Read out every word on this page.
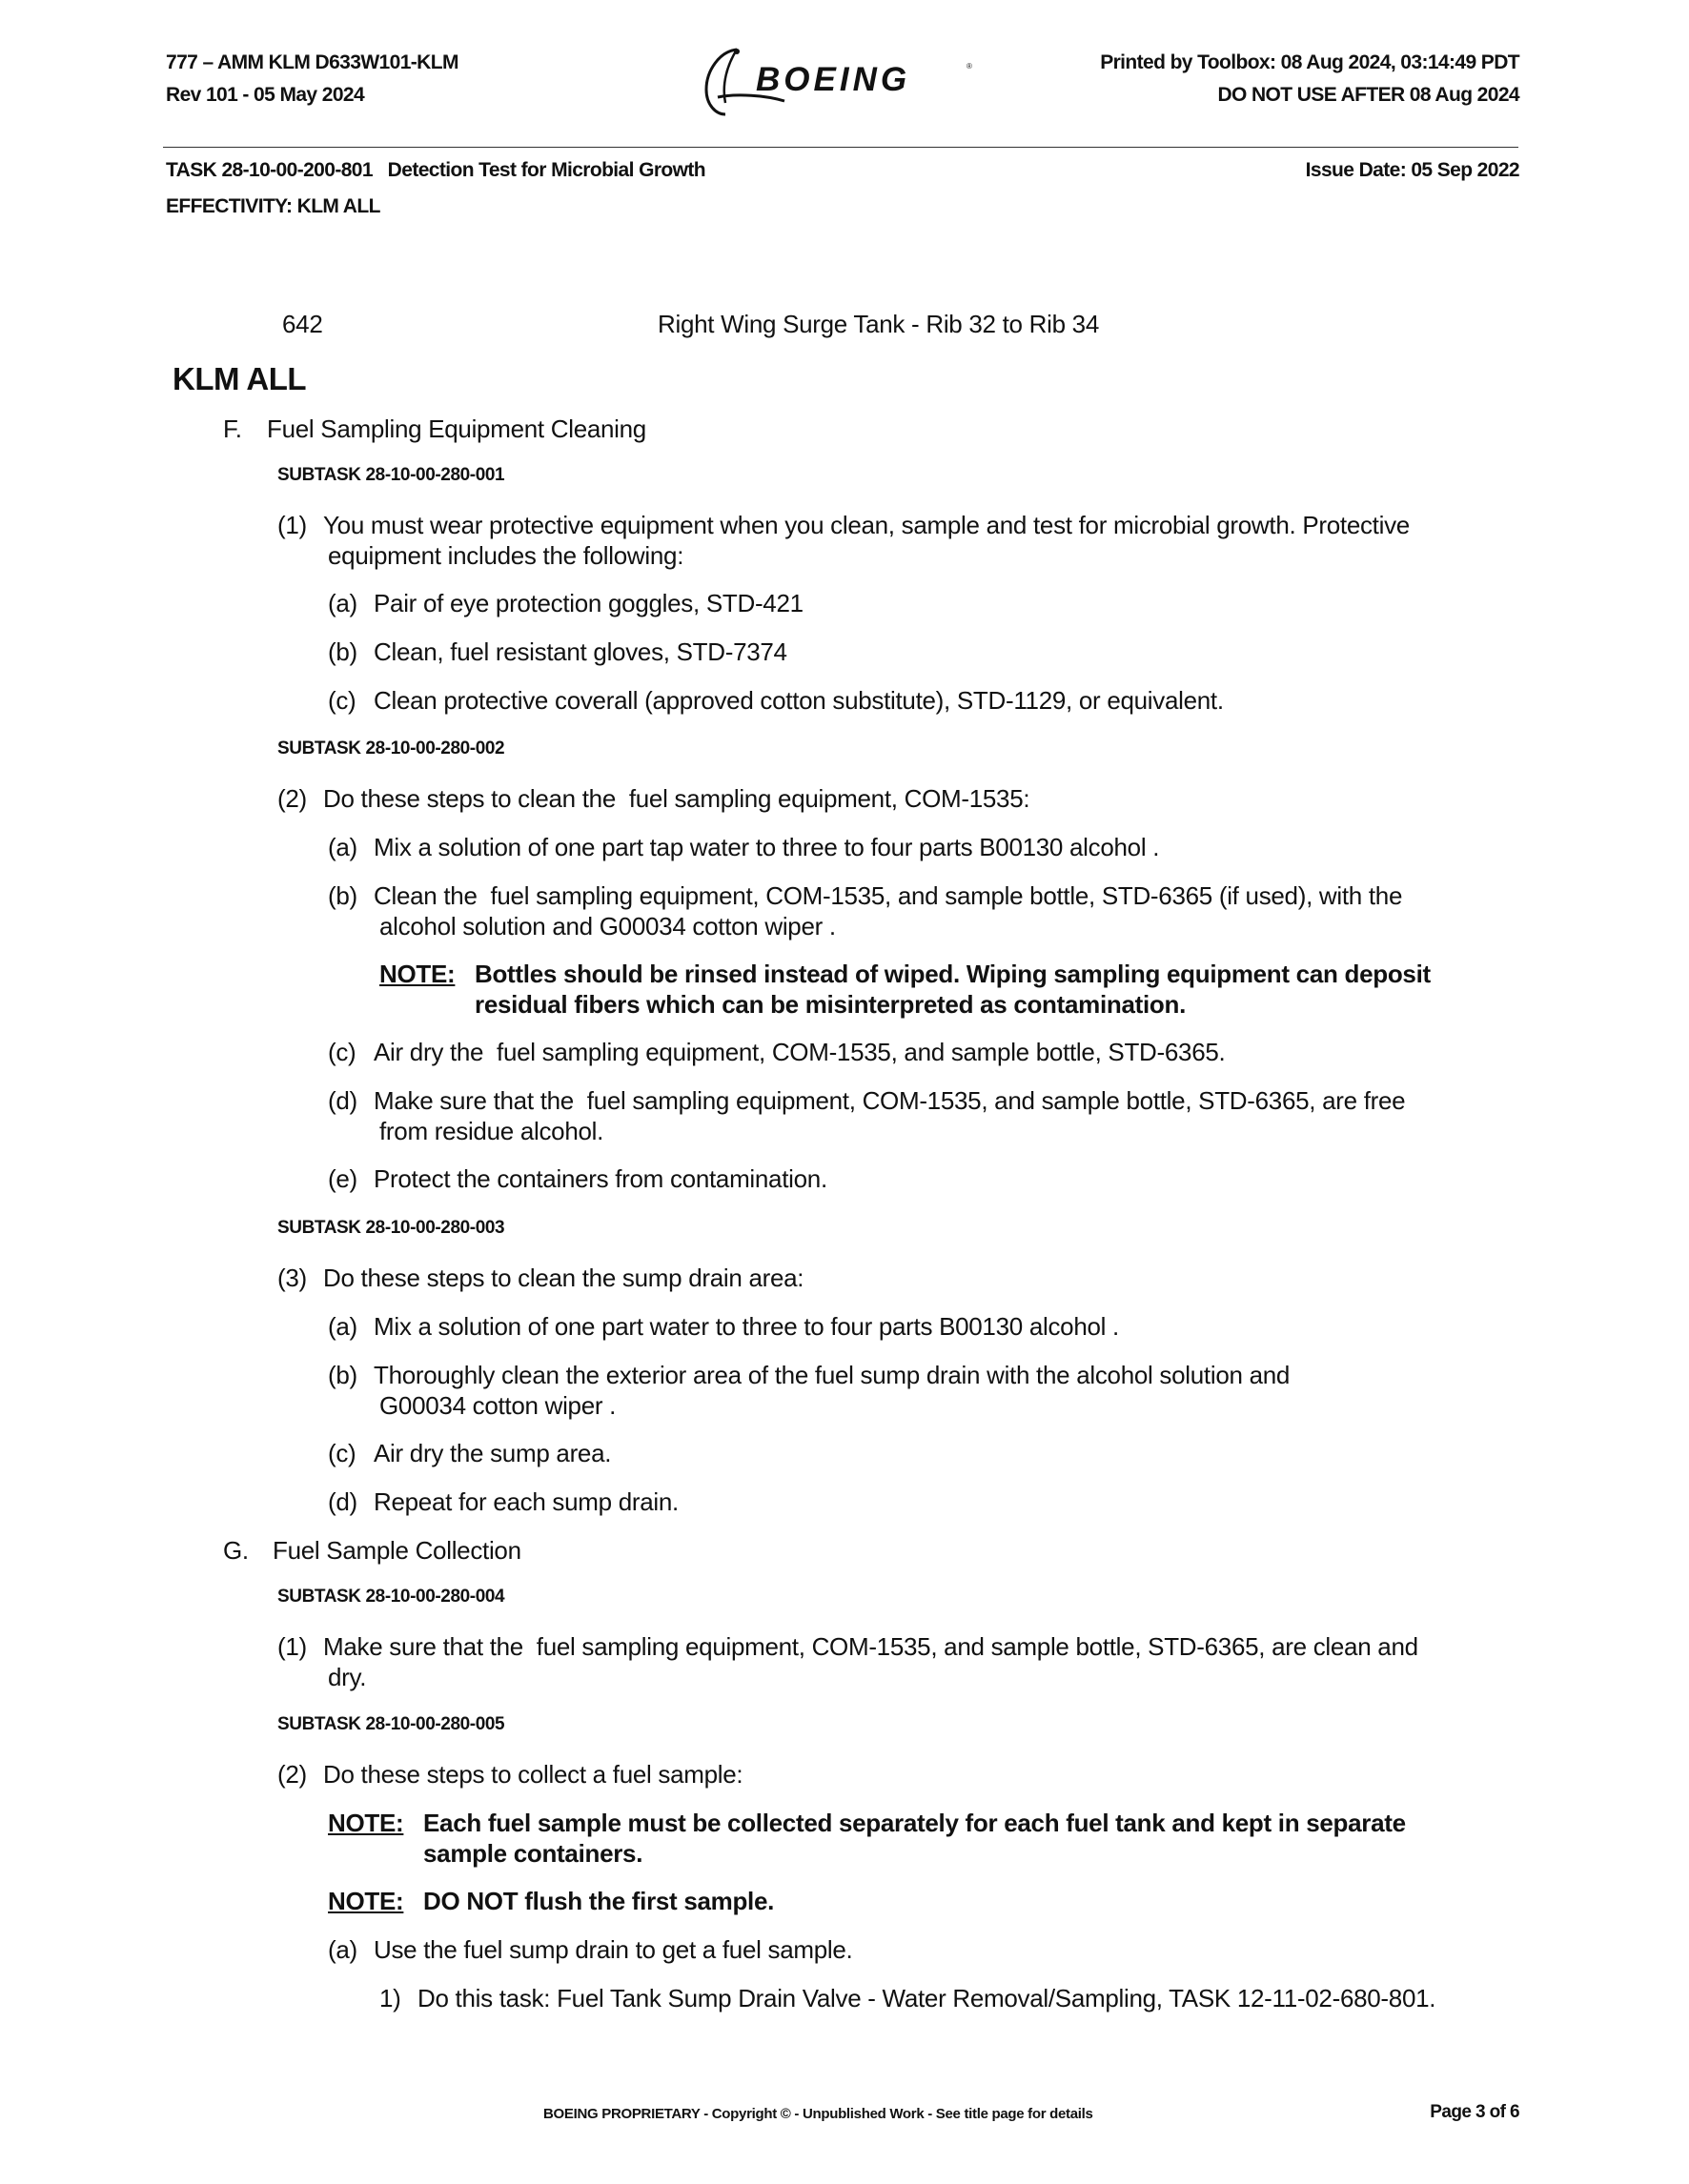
777 – AMM KLM D633W101-KLM
Rev 101 - 05 May 2024	BOEING	®	Printed by Toolbox: 08 Aug 2024, 03:14:49 PDT
DO NOT USE AFTER 08 Aug 2024
TASK 28-10-00-200-801   Detection Test for Microbial Growth
EFFECTIVITY: KLM ALL
Issue Date: 05 Sep 2022
642	Right Wing Surge Tank - Rib 32 to Rib 34
KLM ALL
F.	Fuel Sampling Equipment Cleaning
SUBTASK 28-10-00-280-001
(1) You must wear protective equipment when you clean, sample and test for microbial growth. Protective
equipment includes the following:
(a) Pair of eye protection goggles, STD-421
(b) Clean, fuel resistant gloves, STD-7374
(c) Clean protective coverall (approved cotton substitute), STD-1129, or equivalent.
SUBTASK 28-10-00-280-002
(2) Do these steps to clean the  fuel sampling equipment, COM-1535:
(a) Mix a solution of one part tap water to three to four parts B00130 alcohol .
(b) Clean the  fuel sampling equipment, COM-1535, and sample bottle, STD-6365 (if used), with the
alcohol solution and G00034 cotton wiper .
NOTE: Bottles should be rinsed instead of wiped. Wiping sampling equipment can deposit
residual fibers which can be misinterpreted as contamination.
(c) Air dry the  fuel sampling equipment, COM-1535, and sample bottle, STD-6365.
(d) Make sure that the  fuel sampling equipment, COM-1535, and sample bottle, STD-6365, are free
from residue alcohol.
(e) Protect the containers from contamination.
SUBTASK 28-10-00-280-003
(3) Do these steps to clean the sump drain area:
(a) Mix a solution of one part water to three to four parts B00130 alcohol .
(b) Thoroughly clean the exterior area of the fuel sump drain with the alcohol solution and
G00034 cotton wiper .
(c) Air dry the sump area.
(d) Repeat for each sump drain.
G. Fuel Sample Collection
SUBTASK 28-10-00-280-004
(1) Make sure that the  fuel sampling equipment, COM-1535, and sample bottle, STD-6365, are clean and
dry.
SUBTASK 28-10-00-280-005
(2) Do these steps to collect a fuel sample:
NOTE: Each fuel sample must be collected separately for each fuel tank and kept in separate
sample containers.
NOTE: DO NOT flush the first sample.
(a) Use the fuel sump drain to get a fuel sample.
1) Do this task: Fuel Tank Sump Drain Valve - Water Removal/Sampling, TASK 12-11-02-680-801.
BOEING PROPRIETARY - Copyright © - Unpublished Work - See title page for details	Page 3 of 6
